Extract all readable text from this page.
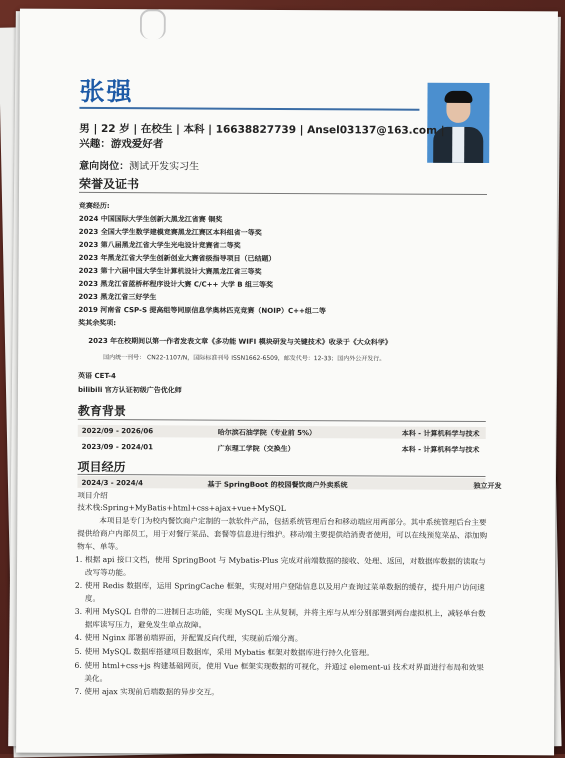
张强
男 | 22 岁 | 在校生 | 本科 | 16638827739 | Ansel03137@163.com |
兴趣：游戏爱好者
意向岗位：测试开发实习生
荣誉及证书
竞赛经历:
2024 中国国际大学生创新大黑龙江省赛 铜奖
2023 全国大学生数学建模竞赛黑龙江赛区本科组省一等奖
2023 第八届黑龙江省大学生光电设计竞赛省二等奖
2023 年黑龙江省大学生创新创业大赛省级指导项目（已结题）
2023 第十六届中国大学生计算机设计大赛黑龙江省三等奖
2023 黑龙江省蓝桥杯程序设计大赛 C/C++ 大学 B 组三等奖
2023 黑龙江省三好学生
2019 河南省 CSP-S 提高组等同原信息学奥林匹克竞赛（NOIP）C++组二等
奖其余奖项:
2023 年在校期间以第一作者发表文章《多功能 WIFI 模块研发与关键技术》收录于《大众科学》
国内统一刊号： CN22-1107/N，国际标准刊号 ISSN1662-6509，邮发代号：12-33；国内外公开发行。
英语 CET-4
bilibili 官方认证初级广告优化师
教育背景
2022/09 - 2026/06	哈尔滨石油学院（专业前 5%）	本科 - 计算机科学与技术
2023/09 - 2024/01	广东理工学院（交换生）	本科 - 计算机科学与技术
项目经历
2024/3 - 2024/4	基于 SpringBoot 的校园餐饮商户外卖系统	独立开发
项目介绍
技术栈:Spring+MyBatis+html+css+ajax+vue+MySQL
本项目是专门为校内餐饮商户定制的一款软件产品，包括系统管理后台和移动端应用两部分。其中系统管理后台主要提供给商户内部员工，用于对餐厅菜品、套餐等信息进行维护。移动端主要提供给消费者使用，可以在线预览菜品、添加购物车、单等。
1. 根据 api 接口文档，使用 SpringBoot 与 Mybatis-Plus 完成对前端数据的接收、处理、返回，对数据库数据的读取与改写等功能。
2. 使用 Redis 数据库，运用 SpringCache 框架，实现对用户登陆信息以及用户查询过菜单数据的缓存，提升用户访问速度。
3. 利用 MySQL 自带的二进制日志功能，实现 MySQL 主从复制，并将主库与从库分别部署到两台虚拟机上，减轻单台数据库读写压力，避免发生单点故障。
4. 使用 Nginx 部署前端界面，并配置反向代理，实现前后端分离。
5. 使用 MySQL 数据库搭建项目数据库，采用 Mybatis 框架对数据库进行持久化管理。
6. 使用 html+css+js 构建基础网页，使用 Vue 框架实现数据的可视化，并通过 element-ui 技术对界面进行布局和效果美化。
7. 使用 ajax 实现前后端数据的异步交互。
